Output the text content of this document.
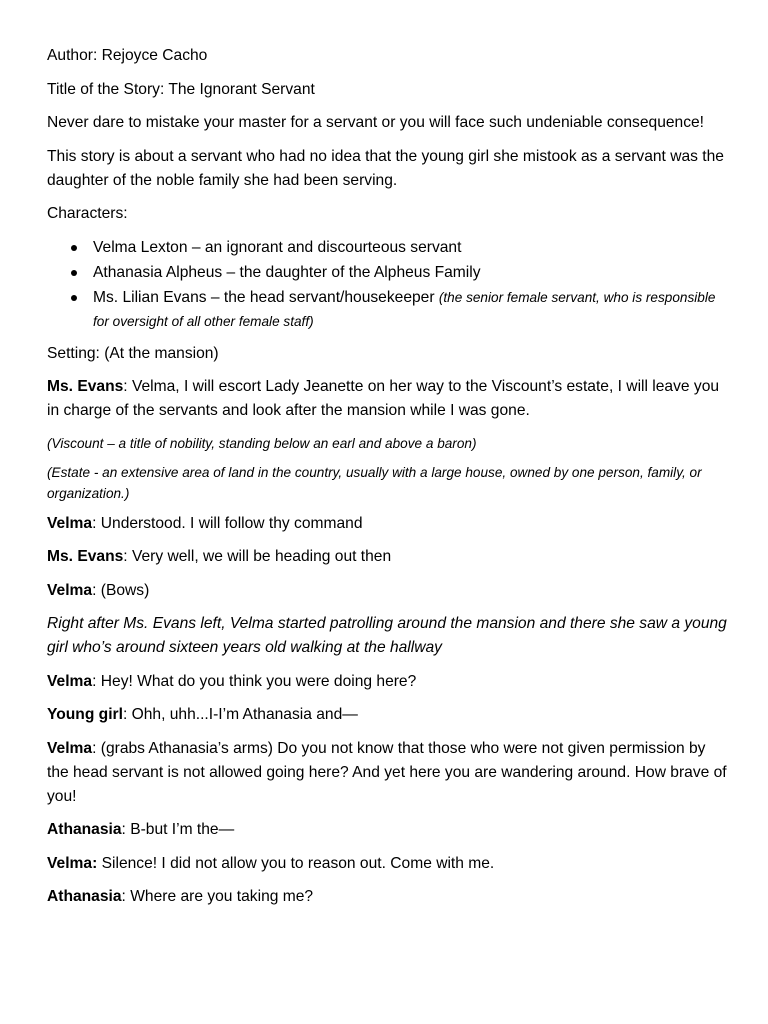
Author: Rejoyce Cacho

Title of the Story: The Ignorant Servant

Never dare to mistake your master for a servant or you will face such undeniable consequence!

This story is about a servant who had no idea that the young girl she mistook as a servant was the daughter of the noble family she had been serving.

Characters:

Velma Lexton – an ignorant and discourteous servant
Athanasia Alpheus – the daughter of the Alpheus Family
Ms. Lilian Evans – the head servant/housekeeper (the senior female servant, who is responsible for oversight of all other female staff)

Setting: (At the mansion)

Ms. Evans: Velma, I will escort Lady Jeanette on her way to the Viscount’s estate, I will leave you in charge of the servants and look after the mansion while I was gone.

(Viscount – a title of nobility, standing below an earl and above a baron)

(Estate - an extensive area of land in the country, usually with a large house, owned by one person, family, or organization.)

Velma: Understood. I will follow thy command

Ms. Evans: Very well, we will be heading out then

Velma: (Bows)

Right after Ms. Evans left, Velma started patrolling around the mansion and there she saw a young girl who’s around sixteen years old walking at the hallway

Velma: Hey! What do you think you were doing here?

Young girl: Ohh, uhh...I-I’m Athanasia and—

Velma: (grabs Athanasia’s arms) Do you not know that those who were not given permission by the head servant is not allowed going here? And yet here you are wandering around. How brave of you!

Athanasia: B-but I’m the—

Velma: Silence! I did not allow you to reason out. Come with me.

Athanasia: Where are you taking me?
